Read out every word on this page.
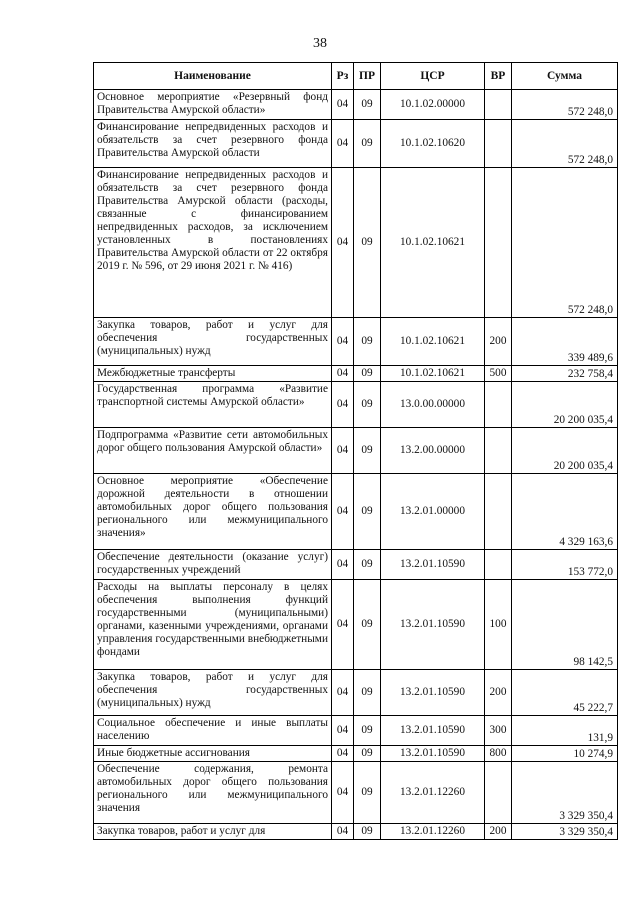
38
Наименование	Рз	ПР	ЦСР	ВР	Сумма
Основное мероприятие «Резервный фонд Правительства Амурской области»	04	09	10.1.02.00000		572 248,0
Финансирование непредвиденных расходов и обязательств за счет резервного фонда Правительства Амурской области	04	09	10.1.02.10620		572 248,0
Финансирование непредвиденных расходов и обязательств за счет резервного фонда Правительства Амурской области (расходы, связанные с финансированием непредвиденных расходов, за исключением установленных в постановлениях Правительства Амурской области от 22 октября 2019 г. № 596, от 29 июня 2021 г. № 416)	04	09	10.1.02.10621		572 248,0
Закупка товаров, работ и услуг для обеспечения государственных (муниципальных) нужд	04	09	10.1.02.10621	200	339 489,6
Межбюджетные трансферты	04	09	10.1.02.10621	500	232 758,4
Государственная программа «Развитие транспортной системы Амурской области»	04	09	13.0.00.00000		20 200 035,4
Подпрограмма «Развитие сети автомобильных дорог общего пользования Амурской области»	04	09	13.2.00.00000		20 200 035,4
Основное мероприятие «Обеспечение дорожной деятельности в отношении автомобильных дорог общего пользования регионального или межмуниципального значения»	04	09	13.2.01.00000		4 329 163,6
Обеспечение деятельности (оказание услуг) государственных учреждений	04	09	13.2.01.10590		153 772,0
Расходы на выплаты персоналу в целях обеспечения выполнения функций государственными (муниципальными) органами, казенными учреждениями, органами управления государственными внебюджетными фондами	04	09	13.2.01.10590	100	98 142,5
Закупка товаров, работ и услуг для обеспечения государственных (муниципальных) нужд	04	09	13.2.01.10590	200	45 222,7
Социальное обеспечение и иные выплаты населению	04	09	13.2.01.10590	300	131,9
Иные бюджетные ассигнования	04	09	13.2.01.10590	800	10 274,9
Обеспечение содержания, ремонта автомобильных дорог общего пользования регионального или межмуниципального значения	04	09	13.2.01.12260		3 329 350,4
Закупка товаров, работ и услуг для	04	09	13.2.01.12260	200	3 329 350,4
